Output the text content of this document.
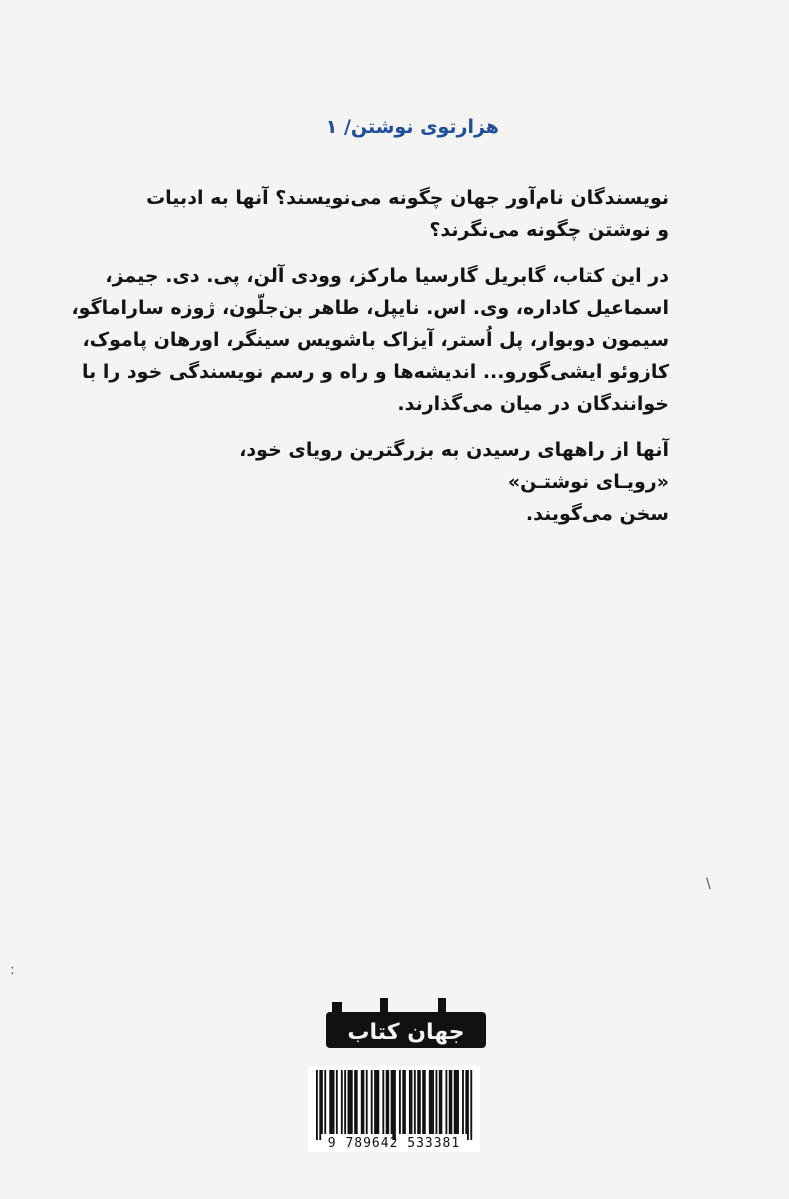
هزارتوی نوشتن/ ۱
نویسندگان نام‌آور جهان چگونه می‌نویسند؟ آنها به ادبیات
و نوشتن چگونه می‌نگرند؟
در این کتاب، گابریل گارسیا مارکز، وودی آلن، پی. دی. جیمز،
اسماعیل کاداره، وی. اس. نایپل، طاهر بن‌جلّون، ژوزه ساراماگو،
سیمون دوبوار، پل اُستر، آیزاک باشویس سینگر، اورهان پاموک،
کازوئو ایشی‌گورو... اندیشه‌ها و راه و رسم نویسندگی خود را با
خوانندگان در میان می‌گذارند.
آنها از راههای رسیدن به بزرگترین رویای خود،
«رویـای نوشتـن»
سخن می‌گویند.
جهان کتاب
9 789642 533381
\
:
